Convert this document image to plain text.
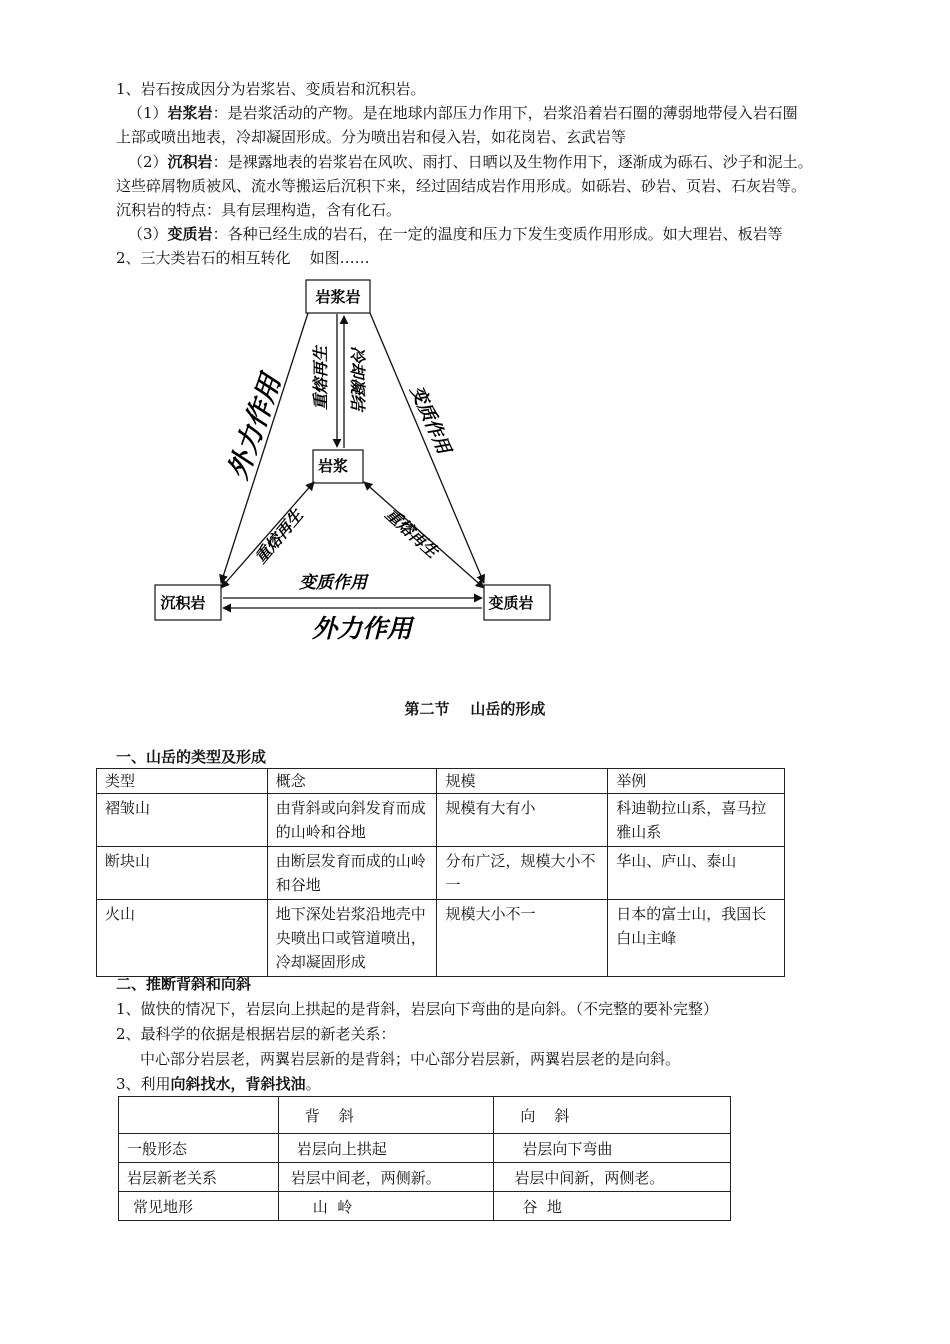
1、岩石按成因分为岩浆岩、变质岩和沉积岩。
（1）岩浆岩：是岩浆活动的产物。是在地球内部压力作用下，岩浆沿着岩石圈的薄弱地带侵入岩石圈
上部或喷出地表，冷却凝固形成。分为喷出岩和侵入岩，如花岗岩、玄武岩等
（2）沉积岩：是裸露地表的岩浆岩在风吹、雨打、日晒以及生物作用下，逐渐成为砾石、沙子和泥土。
这些碎屑物质被风、流水等搬运后沉积下来，经过固结成岩作用形成。如砾岩、砂岩、页岩、石灰岩等。
沉积岩的特点：具有层理构造，含有化石。
（3）变质岩：各种已经生成的岩石，在一定的温度和压力下发生变质作用形成。如大理岩、板岩等
2、三大类岩石的相互转化    如图……
岩浆岩
岩浆
沉积岩	变质岩
外力作用	变质作用
重熔再生 冷却凝结
重熔再生	重熔再生
变质作用
外力作用
第二节    山岳的形成
一、山岳的类型及形成
类型	概念	规模	举例
褶皱山	由背斜或向斜发育而成的山岭和谷地	规模有大有小	科迪勒拉山系，喜马拉雅山系
断块山	由断层发育而成的山岭和谷地	分布广泛，规模大小不一	华山、庐山、泰山
火山	地下深处岩浆沿地壳中央喷出口或管道喷出，冷却凝固形成	规模大小不一	日本的富士山，我国长白山主峰
二、推断背斜和向斜
1、做快的情况下，岩层向上拱起的是背斜，岩层向下弯曲的是向斜。（不完整的要补完整）
2、最科学的依据是根据岩层的新老关系：
中心部分岩层老，两翼岩层新的是背斜；中心部分岩层新，两翼岩层老的是向斜。
3、利用向斜找水，背斜找油。
	背    斜	向    斜
一般形态	岩层向上拱起	岩层向下弯曲
岩层新老关系	岩层中间老，两侧新。	岩层中间新，两侧老。
常见地形	山  岭	谷  地
